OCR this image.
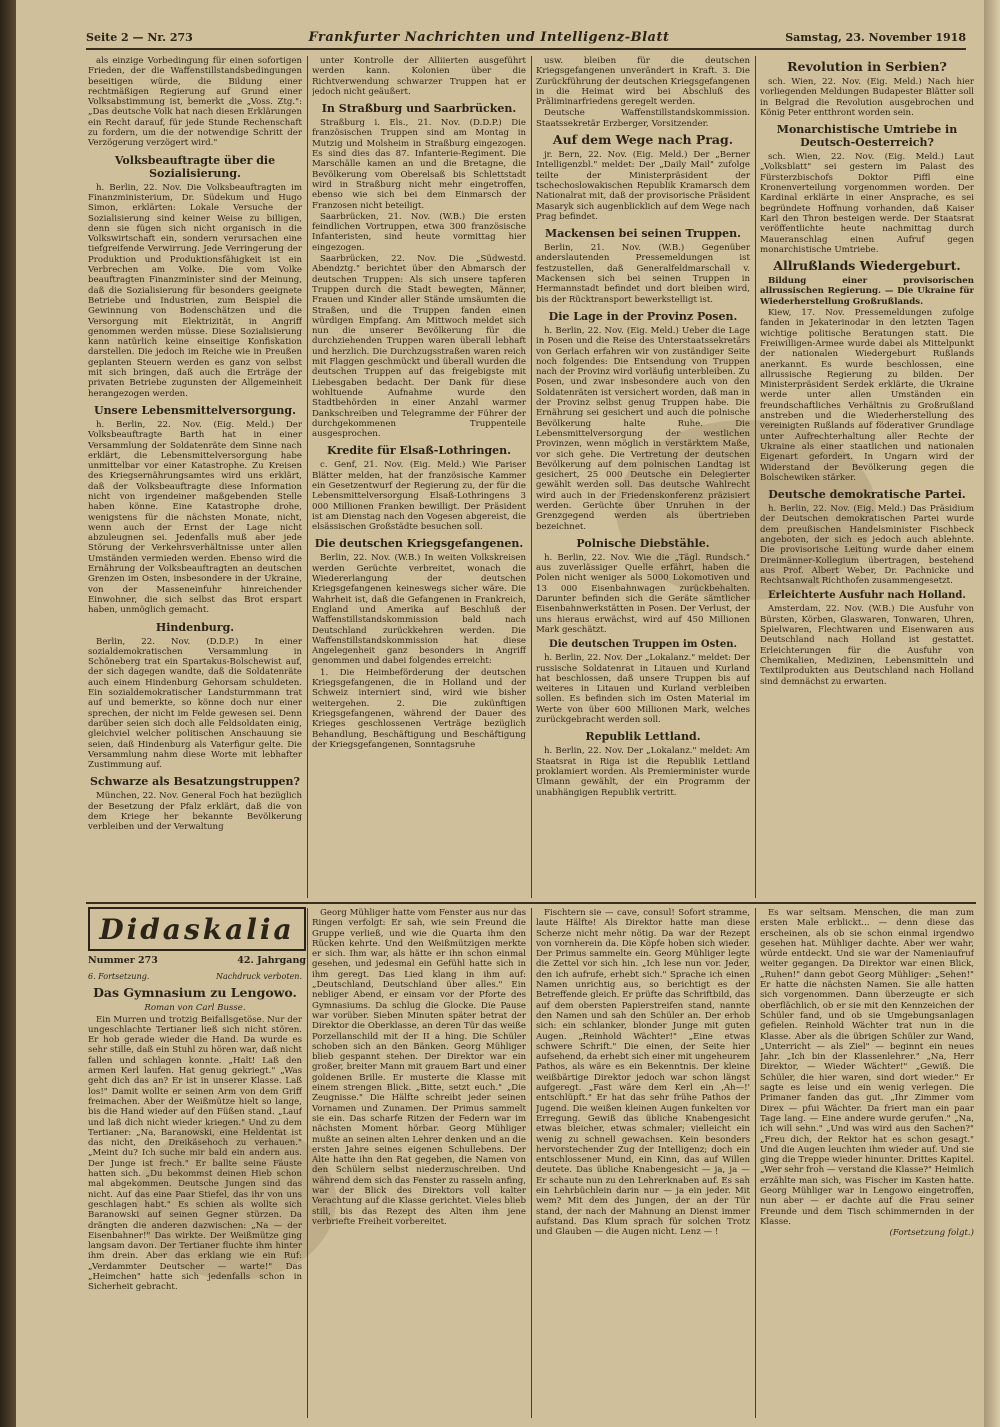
Seite 2 — Nr. 273	Frankfurter Nachrichten und Intelligenz-Blatt	Samstag, 23. November 1918

als einzige Vorbedingung für einen sofortigen Frieden, der die Waffenstillstandsbedingungen beseitigen würde, die Bildung einer rechtmäßigen Regierung auf Grund einer Volksabstimmung ist, bemerkt die „Voss. Ztg.": „Das deutsche Volk hat nach diesen Erklärungen ein Recht darauf, für jede Stunde Rechenschaft zu fordern, um die der notwendige Schritt der Verzögerung verzögert wird."

Volksbeauftragte über die Sozialisierung.

h. Berlin, 22. Nov. Die Volksbeauftragten im Finanzministerium, Dr. Südekum und Hugo Simon, erklärten: Lokale Versuche der Sozialisierung sind keiner Weise zu billigen, denn sie fügen sich nicht organisch in die Volkswirtschaft ein, sondern verursachen eine tiefgreifende Verwirrung. Jede Verringerung der Produktion und Produktionsfähigkeit ist ein Verbrechen am Volke. Die vom Volke beauftragten Finanzminister sind der Meinung, daß die Sozialisierung für besonders geeignete Betriebe und Industrien, zum Beispiel die Gewinnung von Bodenschätzen und die Versorgung mit Elektrizität, in Angriff genommen werden müsse. Diese Sozialisierung kann natürlich keine einseitige Konfiskation darstellen. Die jedoch im Reiche wie in Preußen geplanten Steuern werden es ganz von selbst mit sich bringen, daß auch die Erträge der privaten Betriebe zugunsten der Allgemeinheit herangezogen werden.

Unsere Lebensmittelversorgung.

h. Berlin, 22. Nov. (Eig. Meld.) Der Volksbeauftragte Barth hat in einer Versammlung der Soldatenräte dem Sinne nach erklärt, die Lebensmittelversorgung habe unmittelbar vor einer Katastrophe. Zu Kreisen des Kriegsernährungsamtes wird uns erklärt, daß der Volksbeauftragte diese Information nicht von irgendeiner maßgebenden Stelle haben könne. Eine Katastrophe drohe, wenigstens für die nächsten Monate, nicht, wenn auch der Ernst der Lage nicht abzuleugnen sei. Jedenfalls muß aber jede Störung der Verkehrsverhältnisse unter allen Umständen vermieden werden. Ebenso wird die Ernährung der Volksbeauftragten an deutschen Grenzen im Osten, insbesondere in der Ukraine, von der Masseneinfuhr hinreichender Einwohner, die sich selbst das Brot erspart haben, unmöglich gemacht.

Hindenburg.

Berlin, 22. Nov. (D.D.P.) In einer sozialdemokratischen Versammlung in Schöneberg trat ein Spartakus-Bolschewist auf, der sich dagegen wandte, daß die Soldatenräte auch einem Hindenburg Gehorsam schuldeten. Ein sozialdemokratischer Landsturmmann trat auf und bemerkte, so könne doch nur einer sprechen, der nicht im Felde gewesen sei. Denn darüber seien sich doch alle Feldsoldaten einig, gleichviel welcher politischen Anschauung sie seien, daß Hindenburg als Vaterfigur gelte. Die Versammlung nahm diese Worte mit lebhafter Zustimmung auf.

Schwarze als Besatzungstruppen?

München, 22. Nov. General Foch hat bezüglich der Besetzung der Pfalz erklärt, daß die von dem Kriege her bekannte Bevölkerung verbleiben und der Verwaltung

unter Kontrolle der Alliierten ausgeführt werden kann. Kolonien über die Richtverwendung schwarzer Truppen hat er jedoch nicht geäußert.

In Straßburg und Saarbrücken.

Straßburg i. Els., 21. Nov. (D.D.P.) Die französischen Truppen sind am Montag in Mutzig und Molsheim in Straßburg eingezogen. Es sind dies das 87. Infanterie-Regiment. Die Marschälle kamen an und die Bretagne, die Bevölkerung vom Oberelsaß bis Schlettstadt wird in Straßburg nicht mehr eingetroffen, ebenso wie sich bei dem Einmarsch der Franzosen nicht beteiligt.

Saarbrücken, 21. Nov. (W.B.) Die ersten feindlichen Vortruppen, etwa 300 französische Infanteristen, sind heute vormittag hier eingezogen.

Saarbrücken, 22. Nov. Die „Südwestd. Abendztg." berichtet über den Abmarsch der deutschen Truppen: Als sich unsere tapferen Truppen durch die Stadt bewegten, Männer, Frauen und Kinder aller Stände umsäumten die Straßen, und die Truppen fanden einen würdigen Empfang. Am Mittwoch meldet sich nun die unserer Bevölkerung für die durchziehenden Truppen waren überall lebhaft und herzlich. Die Durchzugsstraßen waren reich mit Flaggen geschmückt und überall wurden die deutschen Truppen auf das freigebigste mit Liebesgaben bedacht. Der Dank für diese wohltuende Aufnahme wurde den Stadtbehörden in einer Anzahl warmer Dankschreiben und Telegramme der Führer der durchgekommenen Truppenteile ausgesprochen.

Kredite für Elsaß-Lothringen.

c. Genf, 21. Nov. (Eig. Meld.) Wie Pariser Blätter melden, hat der französische Kammer ein Gesetzentwurf der Regierung zu, der für die Lebensmittelversorgung Elsaß-Lothringens 3 000 Millionen Franken bewilligt. Der Präsident ist am Dienstag nach den Vogesen abgereist, die elsässischen Großstädte besuchen soll.

Die deutschen Kriegsgefangenen.

Berlin, 22. Nov. (W.B.) In weiten Volkskreisen werden Gerüchte verbreitet, wonach die Wiedererlangung der deutschen Kriegsgefangenen keineswegs sicher wäre. Die Wahrheit ist, daß die Gefangenen in Frankreich, England und Amerika auf Beschluß der Waffenstillstandskommission bald nach Deutschland zurückkehren werden. Die Waffenstillstandskommission hat diese Angelegenheit ganz besonders in Angriff genommen und dabei folgendes erreicht:

1. Die Heimbeförderung der deutschen Kriegsgefangenen, die in Holland und der Schweiz interniert sind, wird wie bisher weitergehen. 2. Die zukünftigen Kriegsgefangenen, während der Dauer des Krieges geschlossenen Verträge bezüglich Behandlung, Beschäftigung und Beschäftigung der Kriegsgefangenen, Sonntagsruhe

usw. bleiben für die deutschen Kriegsgefangenen unverändert in Kraft. 3. Die Zurückführung der deutschen Kriegsgefangenen in die Heimat wird bei Abschluß des Präliminarfriedens geregelt werden.

Deutsche Waffenstillstandskommission. Staatssekretär Erzberger, Vorsitzender.

Auf dem Wege nach Prag.

jr. Bern, 22. Nov. (Eig. Meld.) Der „Berner Intelligenzbl." meldet: Der „Daily Mail" zufolge teilte der Ministerpräsident der tschechoslowakischen Republik Kramarsch dem Nationalrat mit, daß der provisorische Präsident Masaryk sich augenblicklich auf dem Wege nach Prag befindet.

Mackensen bei seinen Truppen.

Berlin, 21. Nov. (W.B.) Gegenüber anderslautenden Pressemeldungen ist festzustellen, daß Generalfeldmarschall v. Mackensen sich bei seinen Truppen in Hermannstadt befindet und dort bleiben wird, bis der Rücktransport bewerkstelligt ist.

Die Lage in der Provinz Posen.

h. Berlin, 22. Nov. (Eig. Meld.) Ueber die Lage in Posen und die Reise des Unterstaatssekretärs von Gerlach erfahren wir von zuständiger Seite noch folgendes: Die Entsendung von Truppen nach der Provinz wird vorläufig unterbleiben. Zu Posen, und zwar insbesondere auch von den Soldatenräten ist versichert worden, daß man in der Provinz selbst genug Truppen habe. Die Ernährung sei gesichert und auch die polnische Bevölkerung halte Ruhe. Die Lebensmittelversorgung der westlichen Provinzen, wenn möglich in verstärktem Maße, vor sich gehe. Die Vertretung der deutschen Bevölkerung auf dem polnischen Landtag ist gesichert, 25 000 Deutsche ein Delegierter gewählt werden soll. Das deutsche Wahlrecht wird auch in der Friedenskonferenz präzisiert werden. Gerüchte über Unruhen in der Grenzgegend werden als übertrieben bezeichnet.

Polnische Diebstähle.

h. Berlin, 22. Nov. Wie die „Tägl. Rundsch." aus zuverlässiger Quelle erfährt, haben die Polen nicht weniger als 5000 Lokomotiven und 13 000 Eisenbahnwagen zurückbehalten. Darunter befinden sich die Geräte sämtlicher Eisenbahnwerkstätten in Posen. Der Verlust, der uns hieraus erwächst, wird auf 450 Millionen Mark geschätzt.

Die deutschen Truppen im Osten.

h. Berlin, 22. Nov. Der „Lokalanz." meldet: Der russische Soldatenrat in Litauen und Kurland hat beschlossen, daß unsere Truppen bis auf weiteres in Litauen und Kurland verbleiben sollen. Es befinden sich im Osten Material im Werte von über 600 Millionen Mark, welches zurückgebracht werden soll.

Republik Lettland.

h. Berlin, 22. Nov. Der „Lokalanz." meldet: Am Staatsrat in Riga ist die Republik Lettland proklamiert worden. Als Premierminister wurde Ulmann gewählt, der ein Programm der unabhängigen Republik vertritt.

Revolution in Serbien?

sch. Wien, 22. Nov. (Eig. Meld.) Nach hier vorliegenden Meldungen Budapester Blätter soll in Belgrad die Revolution ausgebrochen und König Peter entthront worden sein.

Monarchistische Umtriebe in Deutsch-Oesterreich?

sch. Wien, 22. Nov. (Eig. Meld.) Laut „Volksblatt" sei gestern im Palast des Fürsterzbischofs Doktor Piffl eine Kronenverteilung vorgenommen worden. Der Kardinal erklärte in einer Ansprache, es sei begründete Hoffnung vorhanden, daß Kaiser Karl den Thron besteigen werde. Der Staatsrat veröffentlichte heute nachmittag durch Maueranschlag einen Aufruf gegen monarchistische Umtriebe.

Allrußlands Wiedergeburt.

Bildung einer provisorischen allrussischen Regierung. — Die Ukraine für Wiederherstellung Großrußlands.

Kiew, 17. Nov. Pressemeldungen zufolge fanden in Jekaterinodar in den letzten Tagen wichtige politische Beratungen statt. Die Freiwilligen-Armee wurde dabei als Mittelpunkt der nationalen Wiedergeburt Rußlands anerkannt. Es wurde beschlossen, eine allrussische Regierung zu bilden. Der Ministerpräsident Serdek erklärte, die Ukraine werde unter allen Umständen ein freundschaftliches Verhältnis zu Großrußland anstreben und die Wiederherstellung des vereinigten Rußlands auf föderativer Grundlage unter Aufrechterhaltung aller Rechte der Ukraine als einer staatlichen und nationalen Eigenart gefordert. In Ungarn wird der Widerstand der Bevölkerung gegen die Bolschewiken stärker.

Deutsche demokratische Partei.

h. Berlin, 22. Nov. (Eig. Meld.) Das Präsidium der Deutschen demokratischen Partei wurde dem preußischen Handelsminister Fischbeck angeboten, der sich es jedoch auch ablehnte. Die provisorische Leitung wurde daher einem Dreimänner-Kollegium übertragen, bestehend aus Prof. Albert Weber, Dr. Pachnicke und Rechtsanwalt Richthofen zusammengesetzt.

Erleichterte Ausfuhr nach Holland.

Amsterdam, 22. Nov. (W.B.) Die Ausfuhr von Bürsten, Körben, Glaswaren, Tonwaren, Uhren, Spielwaren, Flechtwaren und Eisenwaren aus Deutschland nach Holland ist gestattet. Erleichterungen für die Ausfuhr von Chemikalien, Medizinen, Lebensmitteln und Textilprodukten aus Deutschland nach Holland sind demnächst zu erwarten.

Didaskalia
Nummer 273	42. Jahrgang
6. Fortsetzung.	Nachdruck verboten.
Das Gymnasium zu Lengowo.

Roman von Carl Busse.

Ein Murren und trotzig Beifallsgetöse. Nur der ungeschlachte Tertianer ließ sich nicht stören. Er hob gerade wieder die Hand. Da wurde es sehr stille, daß ein Stuhl zu hören war, daß nicht fallen und schlagen konnte. „Halt! Laß den armen Kerl laufen. Hat genug gekriegt." „Was geht dich das an? Er ist in unserer Klasse. Laß los!" Damit wollte er seinen Arm von dem Griff freimachen. Aber der Weißmütze hielt so lange, bis die Hand wieder auf den Füßen stand. „Lauf und laß dich nicht wieder kriegen." Und zu dem Tertianer: „Na, Baranowski, eine Heldentat ist das nicht, den Dreikäsehoch zu verhauen." „Meint du? Ich suche mir bald ein andern aus. Der Junge ist frech." Er ballte seine Fäuste hatten sich. „Du bekommst deinen Hieb schon mal abgekommen. Deutsche Jungen sind das nicht. Auf das eine Paar Stiefel, das ihr von uns geschlagen habt." Es schien als wollte sich Baranowski auf seinen Gegner stürzen. Da drängten die anderen dazwischen: „Na — der Eisenbahner!" Das wirkte. Der Weißmütze ging langsam davon. Der Tertianer fluchte ihm hinter ihm drein. Aber das erklang wie ein Ruf: „Verdammter Deutscher — warte!" Das „Heimchen" hatte sich jedenfalls schon in Sicherheit gebracht.

Georg Mühliger hatte vom Fenster aus nur das Ringen verfolgt: Er sah, wie sein Freund die Gruppe verließ, und wie die Quarta ihm den Rücken kehrte. Und den Weißmützigen merkte er sich. Ihm war, als hätte er ihn schon einmal gesehen, und jedesmal ein Gefühl hatte sich in ihm geregt. Das Lied klang in ihm auf: „Deutschland, Deutschland über alles." Ein nebliger Abend, er einsam vor der Pforte des Gymnasiums. Da schlug die Glocke. Die Pause war vorüber. Sieben Minuten später betrat der Direktor die Oberklasse, an deren Tür das weiße Porzellanschild mit der II a hing. Die Schüler schoben sich an den Bänken. Georg Mühliger blieb gespannt stehen. Der Direktor war ein großer, breiter Mann mit grauem Bart und einer goldenen Brille. Er musterte die Klasse mit einem strengen Blick. „Bitte, setzt euch." „Die Zeugnisse." Die Hälfte schreibt jeder seinen Vornamen und Zunamen. Der Primus sammelt sie ein. Das scharfe Ritzen der Federn war im nächsten Moment hörbar. Georg Mühliger mußte an seinen alten Lehrer denken und an die ersten Jahre seines eigenen Schullebens. Der Alte hatte ihn den Rat gegeben, die Namen von den Schülern selbst niederzuschreiben. Und während dem sich das Fenster zu rasseln anfing, war der Blick des Direktors voll kalter Verachtung auf die Klasse gerichtet. Vieles blieb still, bis das Rezept des Alten ihm jene verbriefte Freiheit vorbereitet.

Fischtern sie — cave, consul! Sofort stramme, laute Hälfte! Als Direktor hatte man diese Scherze nicht mehr nötig. Da war der Rezept von vornherein da. Die Köpfe hoben sich wieder. Der Primus sammelte ein. Georg Mühliger legte die Zettel vor sich hin. „Ich lese nun vor. Jeder, den ich aufrufe, erhebt sich." Sprache ich einen Namen unrichtig aus, so berichtigt es der Betreffende gleich. Er prüfte das Schriftbild, das auf dem obersten Papierstreifen stand, nannte den Namen und sah den Schüler an. Der erhob sich: ein schlanker, blonder Junge mit guten Augen. „Reinhold Wächter!" „Eine etwas schwere Schrift." Die einen, der Seite hier aufsehend, da erhebt sich einer mit ungeheurem Pathos, als wäre es ein Bekenntnis. Der kleine weißbärtige Direktor jedoch war schon längst aufgeregt. „Fast wäre dem Kerl ein ‚Ah—!' entschlüpft." Er hat das sehr frühe Pathos der Jugend. Die weißen kleinen Augen funkelten vor Erregung. Gewiß das übliche Knabengesicht etwas bleicher, etwas schmaler; vielleicht ein wenig zu schnell gewachsen. Kein besonders hervorstechender Zug der Intelligenz; doch ein entschlossener Mund, ein Kinn, das auf Willen deutete. Das übliche Knabengesicht — ja, ja — Er schaute nun zu den Lehrerknaben auf. Es sah ein Lehrbüchlein darin nur — ja ein jeder. Mit wem? Mit dem des Jungen, der an der Tür stand, der nach der Mahnung an Dienst immer aufstand. Das Klum sprach für solchen Trotz und Glauben — die Augen nicht. Lenz — !

Es war seltsam. Menschen, die man zum ersten Male erblickt... — denn diese das erscheinen, als ob sie schon einmal irgendwo gesehen hat. Mühliger dachte. Aber wer wahr, würde entdeckt. Und sie war der Nameniaufruf weiter gegangen. Da Direktor war einen Blick, „Ruhen!" dann gebot Georg Mühliger: „Sehen!" Er hatte die nächsten Namen. Sie alle hatten sich vorgenommen. Dann überzeugte er sich oberflächlich, ob er sie mit den Kennzeichen der Schüler fand, und ob sie Umgebungsanlagen gefielen. Reinhold Wächter trat nun in die Klasse. Aber als die übrigen Schüler zur Wand, „Unterricht — als Ziel" — beginnt ein neues Jahr. „Ich bin der Klassenlehrer." „Na, Herr Direktor, — Wieder Wächter!" „Gewiß. Die Schüler, die hier waren, sind dort wieder." Er sagte es leise und ein wenig verlegen. Die Primaner fanden das gut. „Ihr Zimmer vom Direx — pfui Wächter. Da friert man ein paar Tage lang. — Eine andere wurde gerufen." „Na, ich will sehn." „Und was wird aus den Sachen?" „Freu dich, der Rektor hat es schon gesagt." Und die Augen leuchten ihm wieder auf. Und sie ging die Treppe wieder hinunter. Drittes Kapitel. „Wer sehr froh — verstand die Klasse?" Heimlich erzählte man sich, was Fischer im Kasten hatte. Georg Mühliger war in Lengowo eingetroffen, nun aber — er dachte auf die Frau seiner Freunde und dem Tisch schimmernden in der Klasse.

(Fortsetzung folgt.)
